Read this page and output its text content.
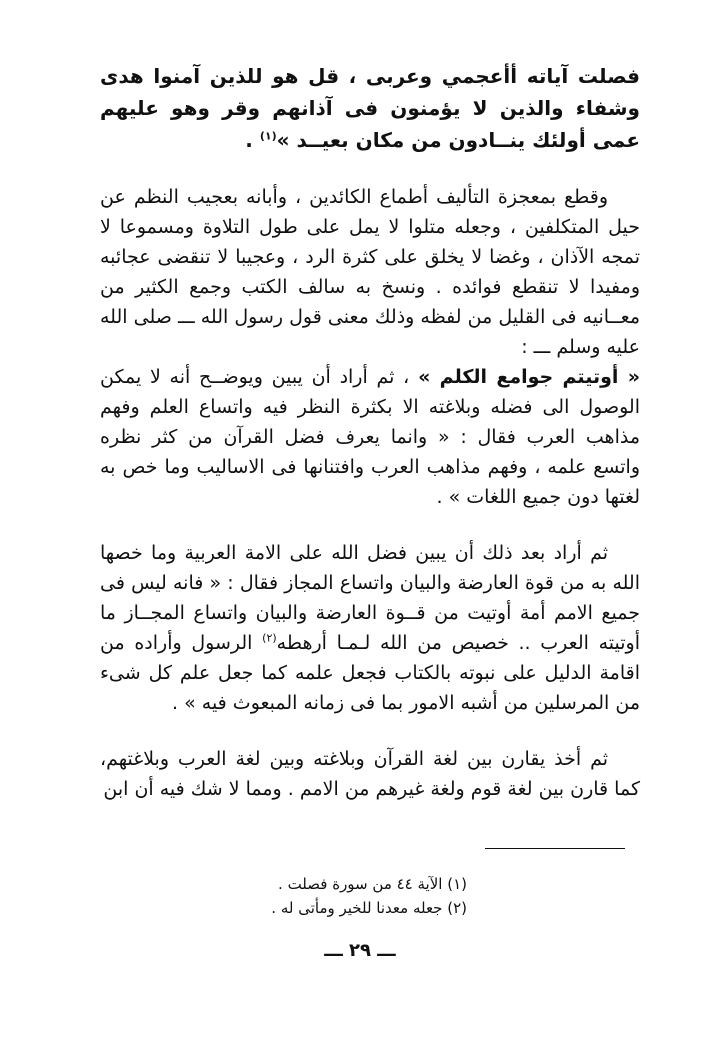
فصلت آياته أأعجمي وعربى ، قل هو للذين آمنوا هدى وشفاء والذين لا يؤمنون فى آذانهم وقر وهو عليهم عمى أولئك ينــادون من مكان بعيــد »$^{(١)}$ .

وقطع بمعجزة التأليف أطماع الكائدين ، وأبانه بعجيب النظم عن حيل المتكلفين ، وجعله متلوا لا يمل على طول التلاوة ومسموعا لا تمجه الآذان ، وغضا لا يخلق على كثرة الرد ، وعجيبا لا تنقضى عجائبه ومفيدا لا تنقطع فوائده . ونسخ به سالف الكتب وجمع الكثير من معــانيه فى القليل من لفظه وذلك معنى قول رسول الله ـــ صلى الله عليه وسلم ـــ :
« أوتيتم جوامع الكلم » ، ثم أراد أن يبين ويوضــح أنه لا يمكن الوصول الى فضله وبلاغته الا بكثرة النظر فيه واتساع العلم وفهم مذاهب العرب فقال : « وانما يعرف فضل القرآن من كثر نظره واتسع علمه ، وفهم مذاهب العرب وافتنانها فى الاساليب وما خص به لغتها دون جميع اللغات » .

ثم أراد بعد ذلك أن يبين فضل الله على الامة العربية وما خصها الله به من قوة العارضة والبيان واتساع المجاز فقال : « فانه ليس فى جميع الامم أمة أوتيت من قــوة العارضة والبيان واتساع المجــاز ما أوتيته العرب .. خصيص من الله لـمـا أرهطه$^{(٢)}$ الرسول وأراده من اقامة الدليل على نبوته بالكتاب فجعل علمه كما جعل علم كل شىء من المرسلين من أشبه الامور بما فى زمانه المبعوث فيه » .

ثم أخذ يقارن بين لغة القرآن وبلاغته وبين لغة العرب وبلاغتهم، كما قارن بين لغة قوم ولغة غيرهم من الامم . ومما لا شك فيه أن ابن

(١) الآية ٤٤ من سورة فصلت .

(٢) جعله معدنا للخير ومأتى له .

ـــ ٢٩ ـــ
